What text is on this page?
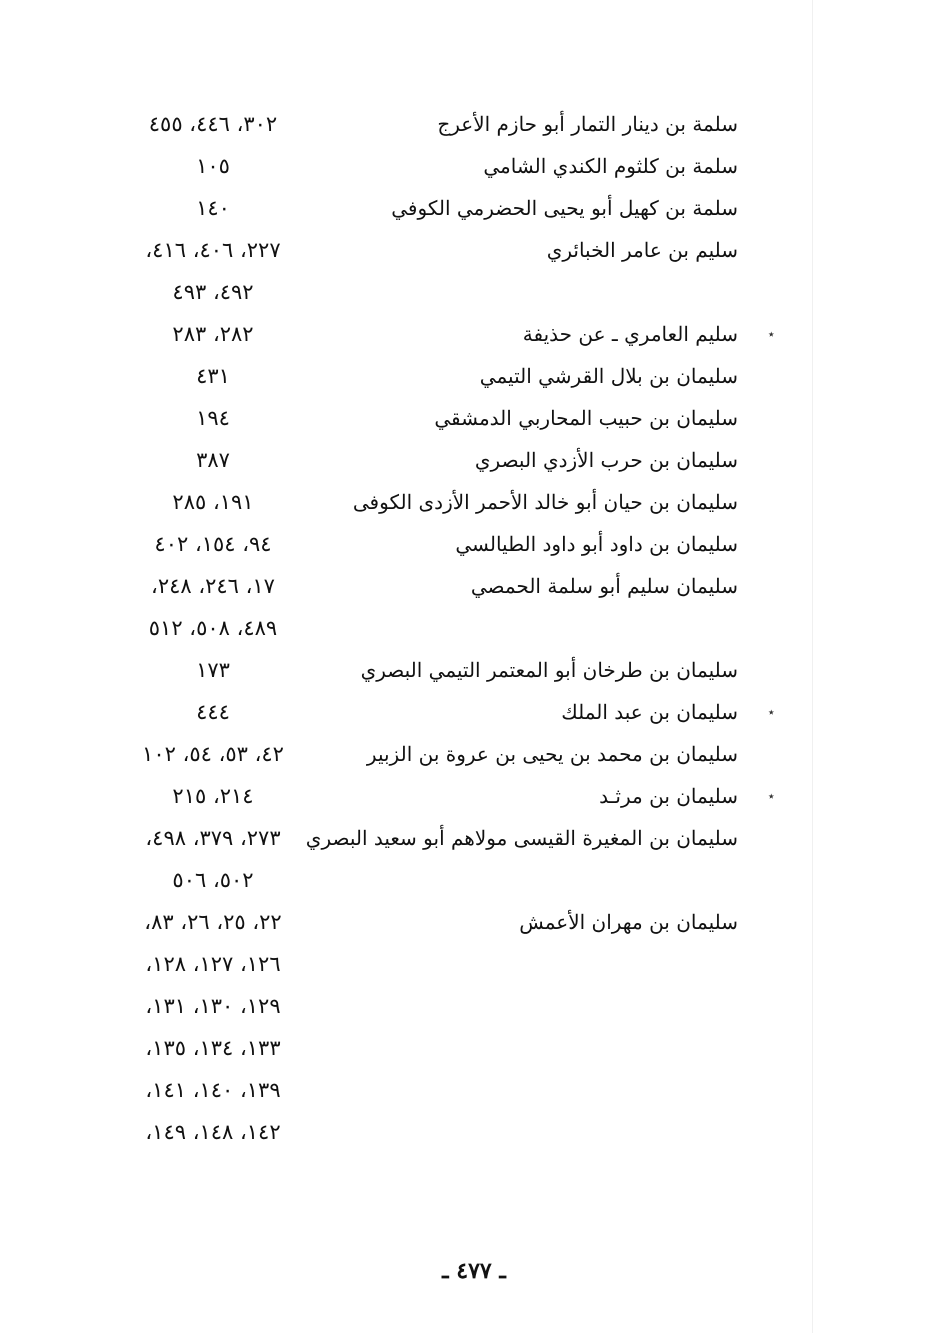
سلمة بن دينار التمار أبو حازم الأعرج
٣٠٢، ٤٤٦، ٤٥٥
سلمة بن كلثوم الكندي الشامي
١٠٥
سلمة بن كهيل أبو يحيى الحضرمي الكوفي
١٤٠
سليم بن عامر الخبائري
٢٢٧، ٤٠٦، ٤١٦،
٤٩٢، ٤٩٣
٭
سليم العامري ـ عن حذيفة
٢٨٢، ٢٨٣
سليمان بن بلال القرشي التيمي
٤٣١
سليمان بن حبيب المحاربي الدمشقي
١٩٤
سليمان بن حرب الأزدي البصري
٣٨٧
سليمان بن حيان أبو خالد الأحمر الأزدى الكوفى
١٩١، ٢٨٥
سليمان بن داود أبو داود الطيالسي
٩٤، ١٥٤، ٤٠٢
سليمان سليم أبو سلمة الحمصي
١٧، ٢٤٦، ٢٤٨،
٤٨٩، ٥٠٨، ٥١٢
سليمان بن طرخان أبو المعتمر التيمي البصري
١٧٣
٭
سليمان بن عبد الملك
٤٤٤
سليمان بن محمد بن يحيى بن عروة بن الزبير
٤٢، ٥٣، ٥٤، ١٠٢
٭
سليمان بن مرثـد
٢١٤، ٢١٥
سليمان بن المغيرة القيسى مولاهم أبو سعيد البصري
٢٧٣، ٣٧٩، ٤٩٨،
٥٠٢، ٥٠٦
سليمان بن مهران الأعمش
٢٢، ٢٥، ٢٦، ٨٣،
١٢٦، ١٢٧، ١٢٨،
١٢٩، ١٣٠، ١٣١،
١٣٣، ١٣٤، ١٣٥،
١٣٩، ١٤٠، ١٤١،
١٤٢، ١٤٨، ١٤٩،
ـ ٤٧٧ ـ
